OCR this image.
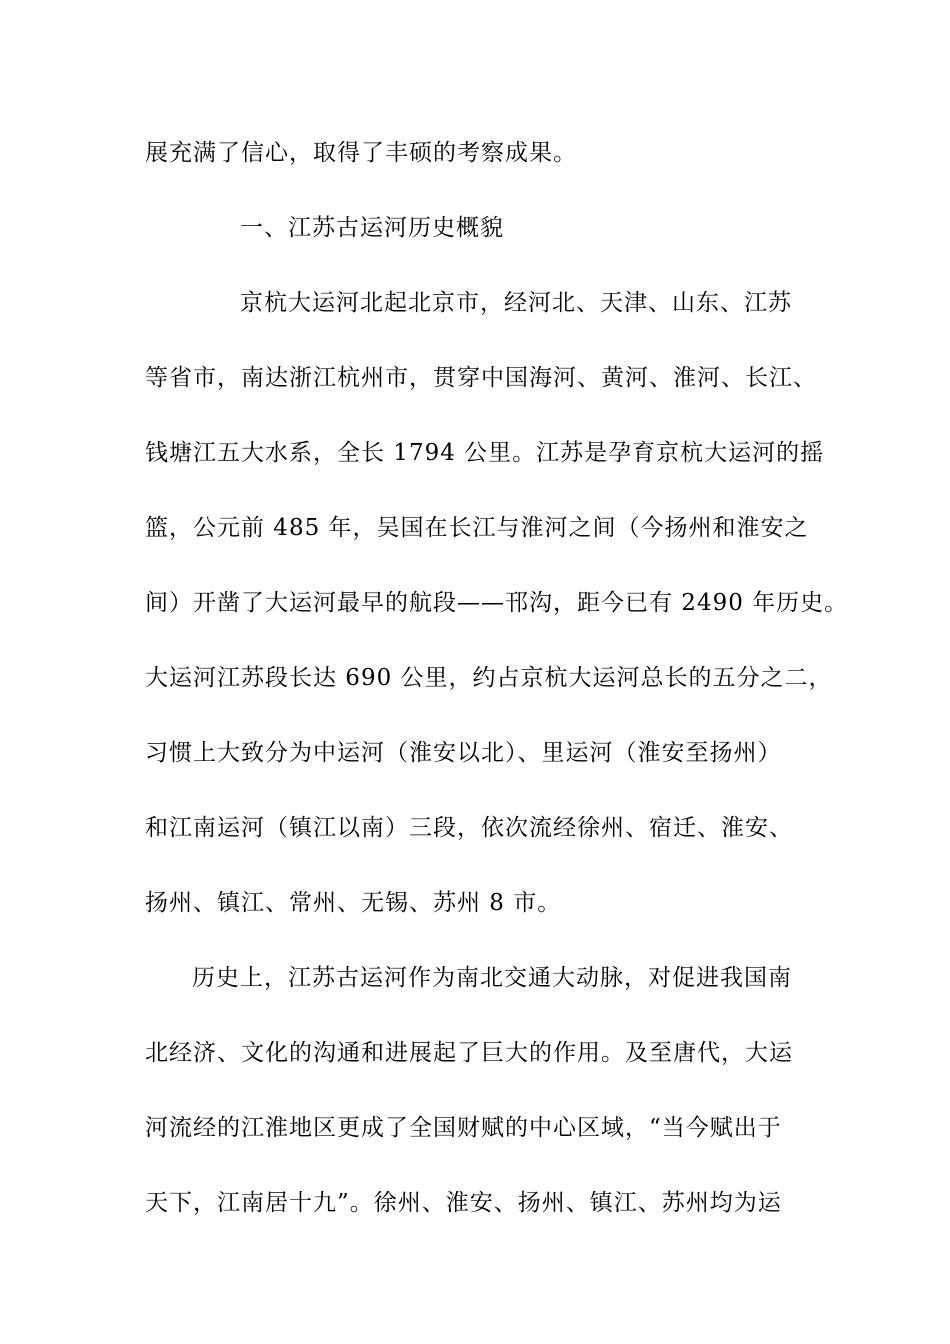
展充满了信心，取得了丰硕的考察成果。
一、江苏古运河历史概貌
京杭大运河北起北京市，经河北、天津、山东、江苏
等省市，南达浙江杭州市，贯穿中国海河、黄河、淮河、长江、
钱塘江五大水系，全长 1794 公里。江苏是孕育京杭大运河的摇
篮，公元前 485 年，吴国在长江与淮河之间（今扬州和淮安之
间）开凿了大运河最早的航段——邗沟，距今已有 2490 年历史。
大运河江苏段长达 690 公里，约占京杭大运河总长的五分之二，
习惯上大致分为中运河（淮安以北）、里运河（淮安至扬州）
和江南运河（镇江以南）三段，依次流经徐州、宿迁、淮安、
扬州、镇江、常州、无锡、苏州 8 市。
历史上，江苏古运河作为南北交通大动脉，对促进我国南
北经济、文化的沟通和进展起了巨大的作用。及至唐代，大运
河流经的江淮地区更成了全国财赋的中心区域，“当今赋出于
天下，江南居十九”。徐州、淮安、扬州、镇江、苏州均为运
